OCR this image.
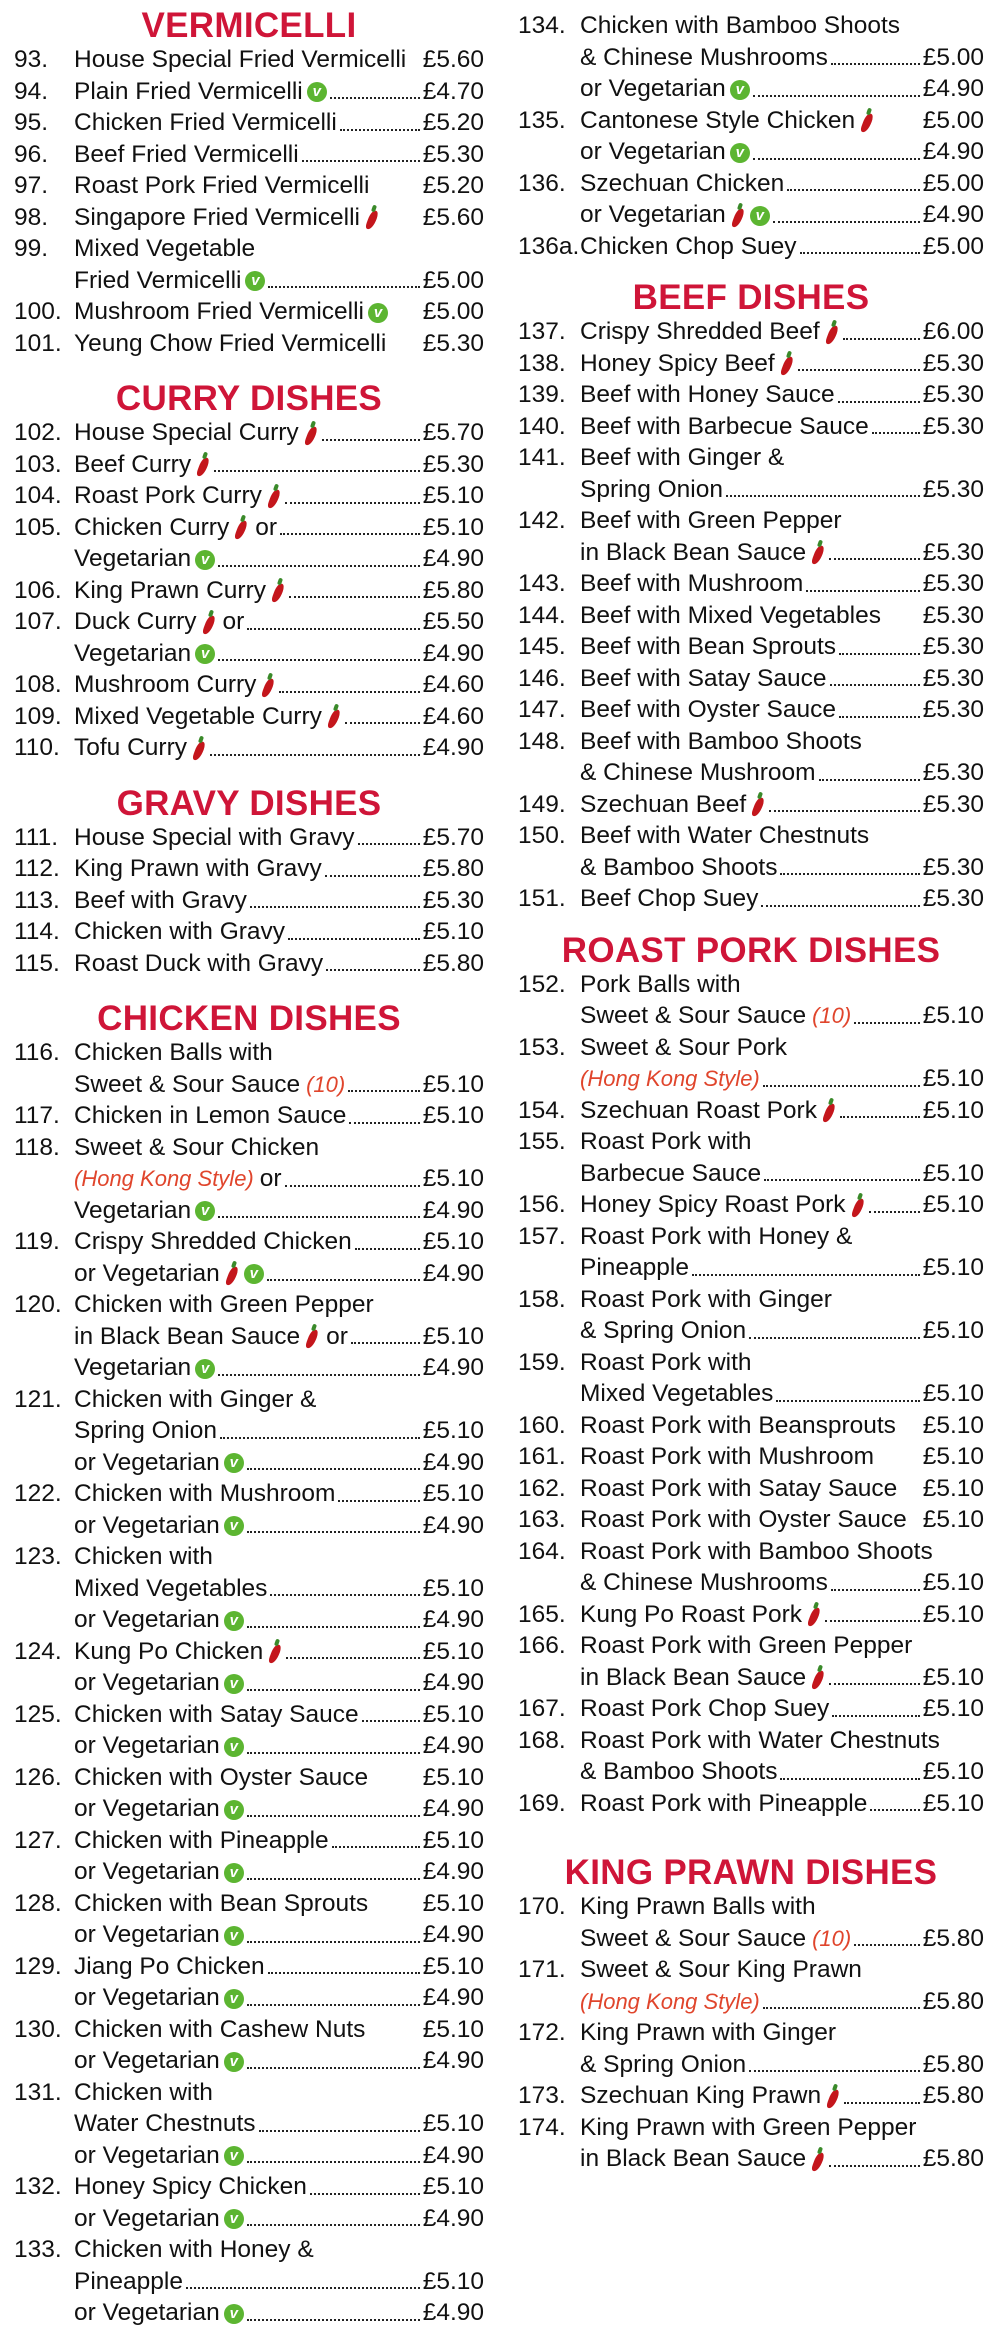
VERMICELLI
93. House Special Fried Vermicelli £5.60
94. Plain Fried Vermicelli v	£4.70
95. Chicken Fried Vermicelli	£5.20
96. Beef Fried Vermicelli	£5.30
97. Roast Pork Fried Vermicelli £5.20
98. Singapore Fried Vermicelli	£5.60
99. Mixed Vegetable
Fried Vermicelli v	£5.00
100. Mushroom Fried Vermicelli v £5.00
101. Yeung Chow Fried Vermicelli £5.30
CURRY DISHES
102. House Special Curry	£5.70
103. Beef Curry	£5.30
104. Roast Pork Curry	£5.10
105. Chicken Curry or	£5.10
Vegetarian v	£4.90
106. King Prawn Curry	£5.80
107. Duck Curry or	£5.50
Vegetarian v	£4.90
108. Mushroom Curry	£4.60
109. Mixed Vegetable Curry	£4.60
110. Tofu Curry	£4.90
GRAVY DISHES
111. House Special with Gravy	£5.70
112. King Prawn with Gravy	£5.80
113. Beef with Gravy	£5.30
114. Chicken with Gravy	£5.10
115. Roast Duck with Gravy	£5.80
CHICKEN DISHES
116. Chicken Balls with
Sweet & Sour Sauce (10)	£5.10
117. Chicken in Lemon Sauce	£5.10
118. Sweet & Sour Chicken
(Hong Kong Style) or	£5.10
Vegetarian v	£4.90
119. Crispy Shredded Chicken	£5.10
or Vegetarian v	£4.90
120. Chicken with Green Pepper
in Black Bean Sauce or	£5.10
Vegetarian v	£4.90
121. Chicken with Ginger &
Spring Onion	£5.10
or Vegetarian v	£4.90
122. Chicken with Mushroom	£5.10
or Vegetarian v	£4.90
123. Chicken with
Mixed Vegetables	£5.10
or Vegetarian v	£4.90
124. Kung Po Chicken	£5.10
or Vegetarian v	£4.90
125. Chicken with Satay Sauce	£5.10
or Vegetarian v	£4.90
126. Chicken with Oyster Sauce £5.10
or Vegetarian v	£4.90
127. Chicken with Pineapple	£5.10
or Vegetarian v	£4.90
128. Chicken with Bean Sprouts £5.10
or Vegetarian v	£4.90
129. Jiang Po Chicken	£5.10
or Vegetarian v	£4.90
130. Chicken with Cashew Nuts £5.10
or Vegetarian v	£4.90
131. Chicken with
Water Chestnuts	£5.10
or Vegetarian v	£4.90
132. Honey Spicy Chicken	£5.10
or Vegetarian v	£4.90
133. Chicken with Honey &
Pineapple	£5.10
or Vegetarian v	£4.90
134. Chicken with Bamboo Shoots
& Chinese Mushrooms	£5.00
or Vegetarian v	£4.90
135. Cantonese Style Chicken	£5.00
or Vegetarian v	£4.90
136. Szechuan Chicken	£5.00
or Vegetarian v	£4.90
136a. Chicken Chop Suey	£5.00
BEEF DISHES
137. Crispy Shredded Beef	£6.00
138. Honey Spicy Beef	£5.30
139. Beef with Honey Sauce	£5.30
140. Beef with Barbecue Sauce £5.30
141. Beef with Ginger &
Spring Onion	£5.30
142. Beef with Green Pepper
in Black Bean Sauce	£5.30
143. Beef with Mushroom	£5.30
144. Beef with Mixed Vegetables £5.30
145. Beef with Bean Sprouts	£5.30
146. Beef with Satay Sauce	£5.30
147. Beef with Oyster Sauce	£5.30
148. Beef with Bamboo Shoots
& Chinese Mushroom	£5.30
149. Szechuan Beef	£5.30
150. Beef with Water Chestnuts
& Bamboo Shoots	£5.30
151. Beef Chop Suey	£5.30
ROAST PORK DISHES
152. Pork Balls with
Sweet & Sour Sauce (10)	£5.10
153. Sweet & Sour Pork
(Hong Kong Style)	£5.10
154. Szechuan Roast Pork	£5.10
155. Roast Pork with
Barbecue Sauce	£5.10
156. Honey Spicy Roast Pork	£5.10
157. Roast Pork with Honey &
Pineapple	£5.10
158. Roast Pork with Ginger
& Spring Onion	£5.10
159. Roast Pork with
Mixed Vegetables	£5.10
160. Roast Pork with Beansprouts £5.10
161. Roast Pork with Mushroom £5.10
162. Roast Pork with Satay Sauce £5.10
163. Roast Pork with Oyster Sauce £5.10
164. Roast Pork with Bamboo Shoots
& Chinese Mushrooms	£5.10
165. Kung Po Roast Pork	£5.10
166. Roast Pork with Green Pepper
in Black Bean Sauce	£5.10
167. Roast Pork Chop Suey	£5.10
168. Roast Pork with Water Chestnuts
& Bamboo Shoots	£5.10
169. Roast Pork with Pineapple £5.10
KING PRAWN DISHES
170. King Prawn Balls with
Sweet & Sour Sauce (10)	£5.80
171. Sweet & Sour King Prawn
(Hong Kong Style)	£5.80
172. King Prawn with Ginger
& Spring Onion	£5.80
173. Szechuan King Prawn	£5.80
174. King Prawn with Green Pepper
in Black Bean Sauce	£5.80
